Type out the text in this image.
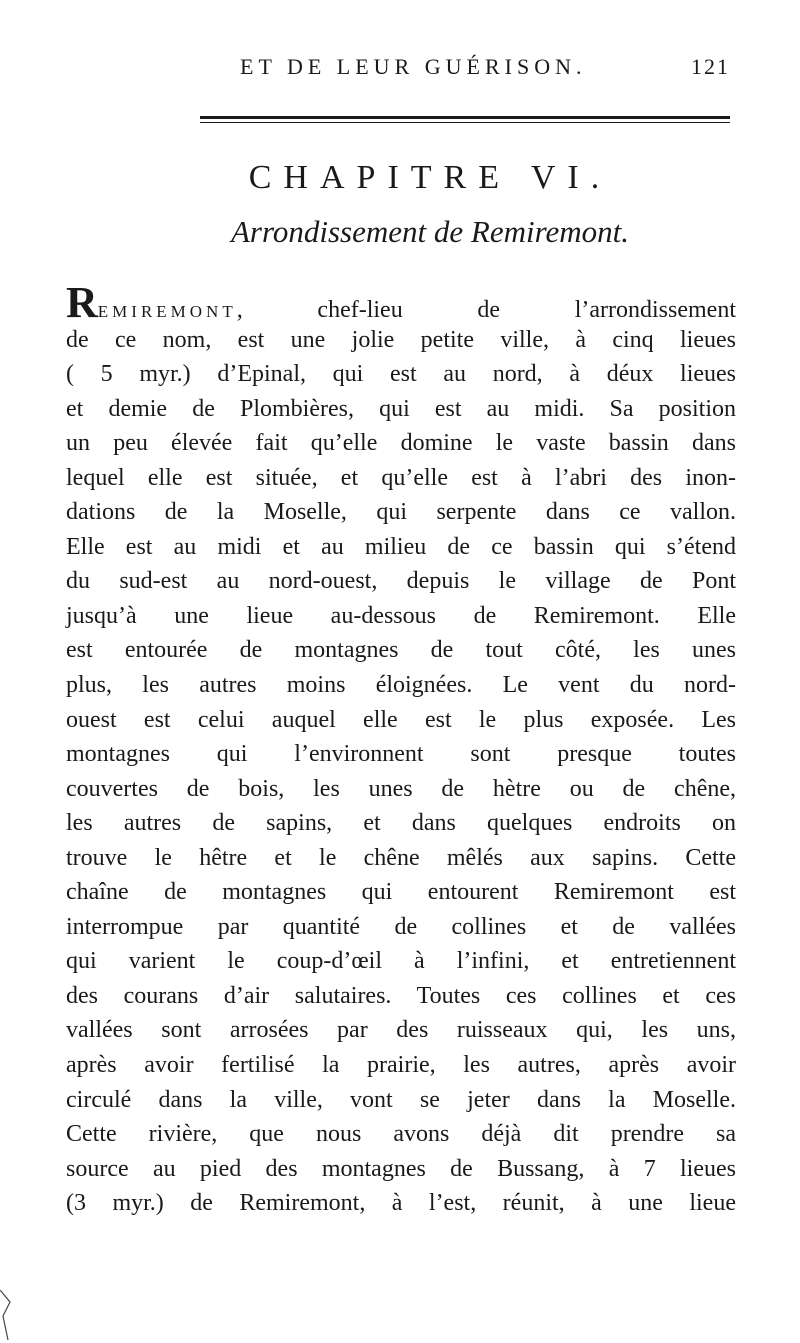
ET DE LEUR GUÉRISON.	121
CHAPITRE VI.
Arrondissement de Remiremont.
REMIREMONT, chef-lieu de l’arrondissement
de ce nom, est une jolie petite ville, à cinq lieues
( 5 myr.) d’Epinal, qui est au nord, à déux lieues
et demie de Plombières, qui est au midi. Sa position
un peu élevée fait qu’elle domine le vaste bassin dans
lequel elle est située, et qu’elle est à l’abri des inon-
dations de la Moselle, qui serpente dans ce vallon.
Elle est au midi et au milieu de ce bassin qui s’étend
du sud-est au nord-ouest, depuis le village de Pont
jusqu’à une lieue au-dessous de Remiremont. Elle
est entourée de montagnes de tout côté, les unes
plus, les autres moins éloignées. Le vent du nord-
ouest est celui auquel elle est le plus exposée. Les
montagnes qui l’environnent sont presque toutes
couvertes de bois, les unes de hètre ou de chêne,
les autres de sapins, et dans quelques endroits on
trouve le hêtre et le chêne mêlés aux sapins. Cette
chaîne de montagnes qui entourent Remiremont est
interrompue par quantité de collines et de vallées
qui varient le coup-d’œil à l’infini, et entretiennent
des courans d’air salutaires. Toutes ces collines et ces
vallées sont arrosées par des ruisseaux qui, les uns,
après avoir fertilisé la prairie, les autres, après avoir
circulé dans la ville, vont se jeter dans la Moselle.
Cette rivière, que nous avons déjà dit prendre sa
source au pied des montagnes de Bussang, à 7 lieues
(3 myr.) de Remiremont, à l’est, réunit, à une lieue
